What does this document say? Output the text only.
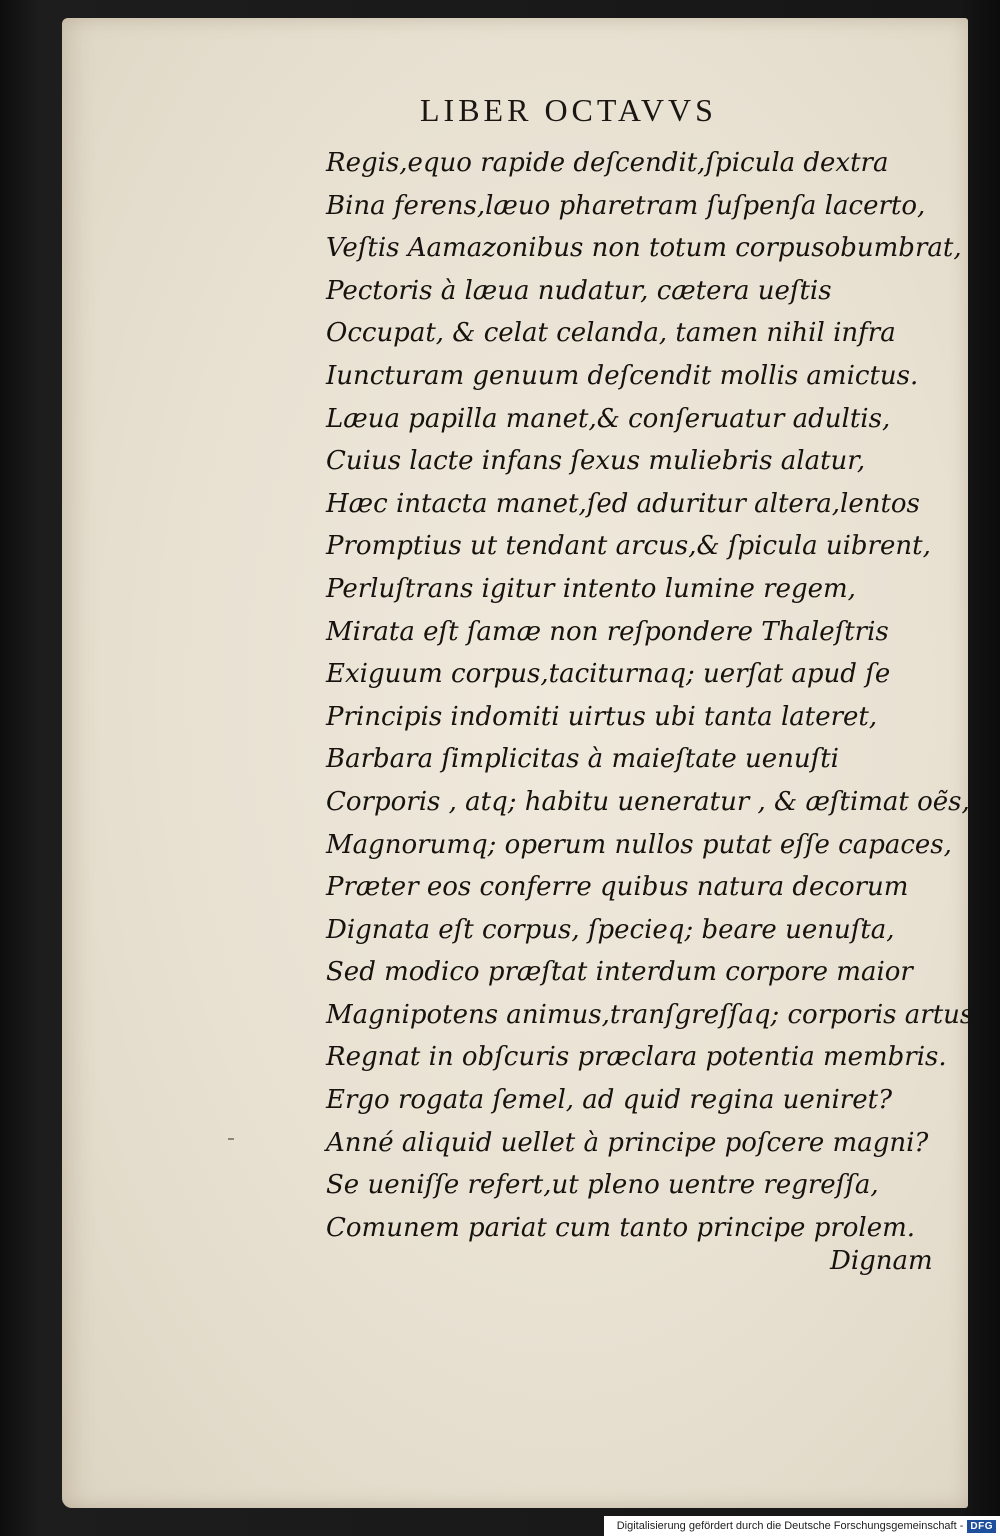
LIBER OCTAVVS
Regis,equo rapide deſcendit,ſpicula dextra
Bina ferens,læuo pharetram ſuſpenſa lacerto,
Veſtis Aamazonibus non totum corpusobumbrat,
Pectoris à læua nudatur, cætera ueſtis
Occupat, & celat celanda, tamen nihil infra
Iuncturam genuum deſcendit mollis amictus.
Læua papilla manet,& conſeruatur adultis,
Cuius lacte infans ſexus muliebris alatur,
Hæc intacta manet,ſed aduritur altera,lentos
Promptius ut tendant arcus,& ſpicula uibrent,
Perluſtrans igitur intento lumine regem,
Mirata eſt ſamæ non reſpondere Thaleſtris
Exiguum corpus,taciturnaq; uerſat apud ſe
Principis indomiti uirtus ubi tanta lateret,
Barbara ſimplicitas à maieſtate uenuſti
Corporis , atq; habitu ueneratur , & æſtimat oẽs,
Magnorumq; operum nullos putat eſſe capaces,
Præter eos conferre quibus natura decorum
Dignata eſt corpus, ſpecieq; beare uenuſta,
Sed modico præſtat interdum corpore maior
Magnipotens animus,tranſgreſſaq; corporis artus
Regnat in obſcuris præclara potentia membris.
Ergo rogata ſemel, ad quid regina ueniret?
Anné aliquid uellet à principe poſcere magni?
Se ueniſſe refert,ut pleno uentre regreſſa,
Comunem pariat cum tanto principe prolem.
Dignam
Digitalisierung gefördert durch die Deutsche Forschungsgemeinschaft - DFG
